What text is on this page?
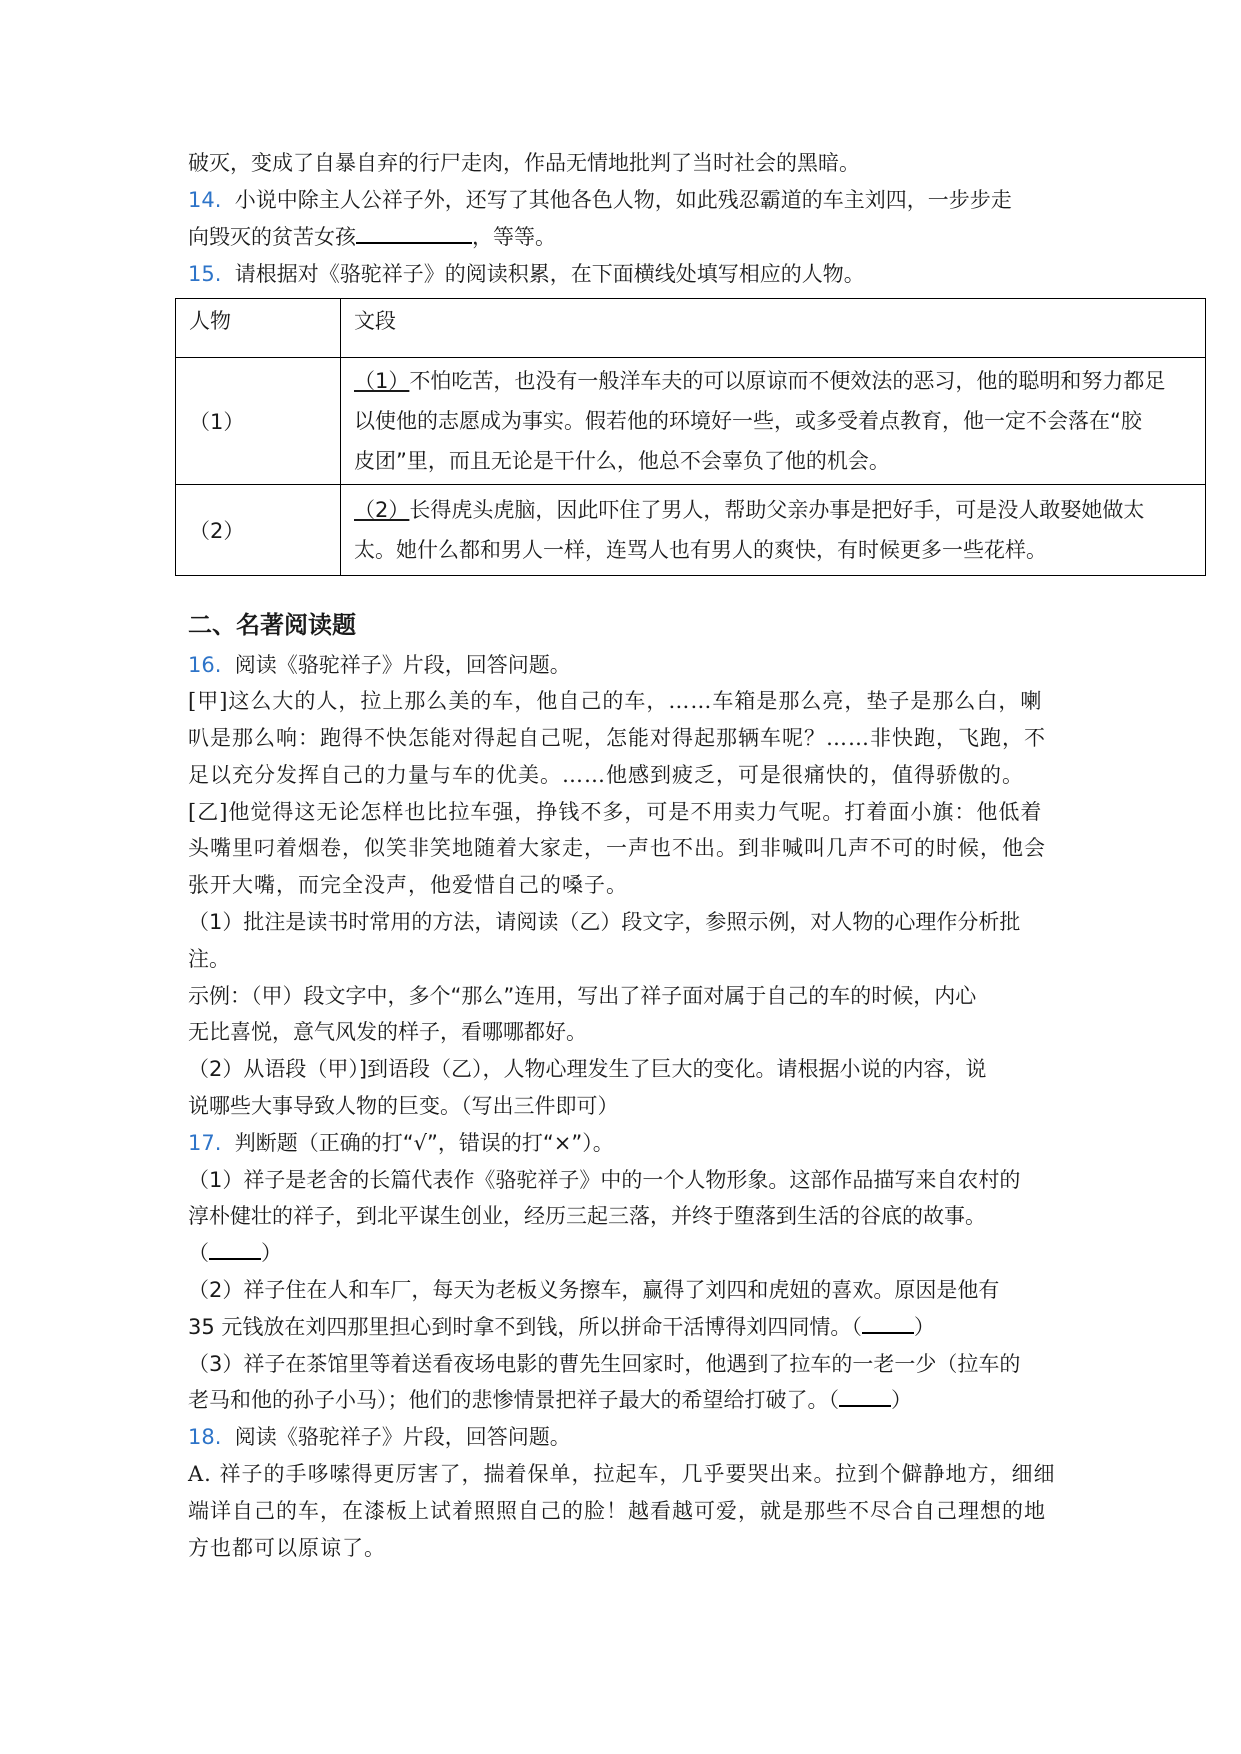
破灭，变成了自暴自弃的行尸走肉，作品无情地批判了当时社会的黑暗。
14. 小说中除主人公祥子外，还写了其他各色人物，如此残忍霸道的车主刘四，一步步走
向毁灭的贫苦女孩	，等等。
15. 请根据对《骆驼祥子》的阅读积累，在下面横线处填写相应的人物。
人物	文段
（1）	（1）不怕吃苦，也没有一般洋车夫的可以原谅而不便效法的恶习，他的聪明和努力都足
以使他的志愿成为事实。假若他的环境好一些，或多受着点教育，他一定不会落在“胶
皮团”里，而且无论是干什么，他总不会辜负了他的机会。

（2）	（2）长得虎头虎脑，因此吓住了男人，帮助父亲办事是把好手，可是没人敢娶她做太
太。她什么都和男人一样，连骂人也有男人的爽快，有时候更多一些花样。
二、名著阅读题
16. 阅读《骆驼祥子》片段，回答问题。
[甲]这么大的人，拉上那么美的车，他自己的车，……车箱是那么亮，垫子是那么白，喇
叭是那么响：跑得不快怎能对得起自己呢，怎能对得起那辆车呢？……非快跑，飞跑，不
足以充分发挥自己的力量与车的优美。……他感到疲乏，可是很痛快的，值得骄傲的。
[乙]他觉得这无论怎样也比拉车强，挣钱不多，可是不用卖力气呢。打着面小旗：他低着
头嘴里叼着烟卷，似笑非笑地随着大家走，一声也不出。到非喊叫几声不可的时候，他会
张开大嘴，而完全没声，他爱惜自己的嗓子。
（1）批注是读书时常用的方法，请阅读（乙）段文字，参照示例，对人物的心理作分析批
注。
示例：（甲）段文字中，多个“那么”连用，写出了祥子面对属于自己的车的时候，内心
无比喜悦，意气风发的样子，看哪哪都好。
（2）从语段（甲）]到语段（乙），人物心理发生了巨大的变化。请根据小说的内容，说
说哪些大事导致人物的巨变。（写出三件即可）
17. 判断题（正确的打“√”，错误的打“×”）。
（1）祥子是老舍的长篇代表作《骆驼祥子》中的一个人物形象。这部作品描写来自农村的
淳朴健壮的祥子，到北平谋生创业，经历三起三落，并终于堕落到生活的谷底的故事。
（ ）
（2）祥子住在人和车厂，每天为老板义务擦车，赢得了刘四和虎妞的喜欢。原因是他有
35 元钱放在刘四那里担心到时拿不到钱，所以拼命干活博得刘四同情。（ ）
（3）祥子在茶馆里等着送看夜场电影的曹先生回家时，他遇到了拉车的一老一少（拉车的
老马和他的孙子小马）；他们的悲惨情景把祥子最大的希望给打破了。（ ）
18. 阅读《骆驼祥子》片段，回答问题。
A. 祥子的手哆嗦得更厉害了，揣着保单，拉起车，几乎要哭出来。拉到个僻静地方，细细
端详自己的车，在漆板上试着照照自己的脸！越看越可爱，就是那些不尽合自己理想的地
方也都可以原谅了。
